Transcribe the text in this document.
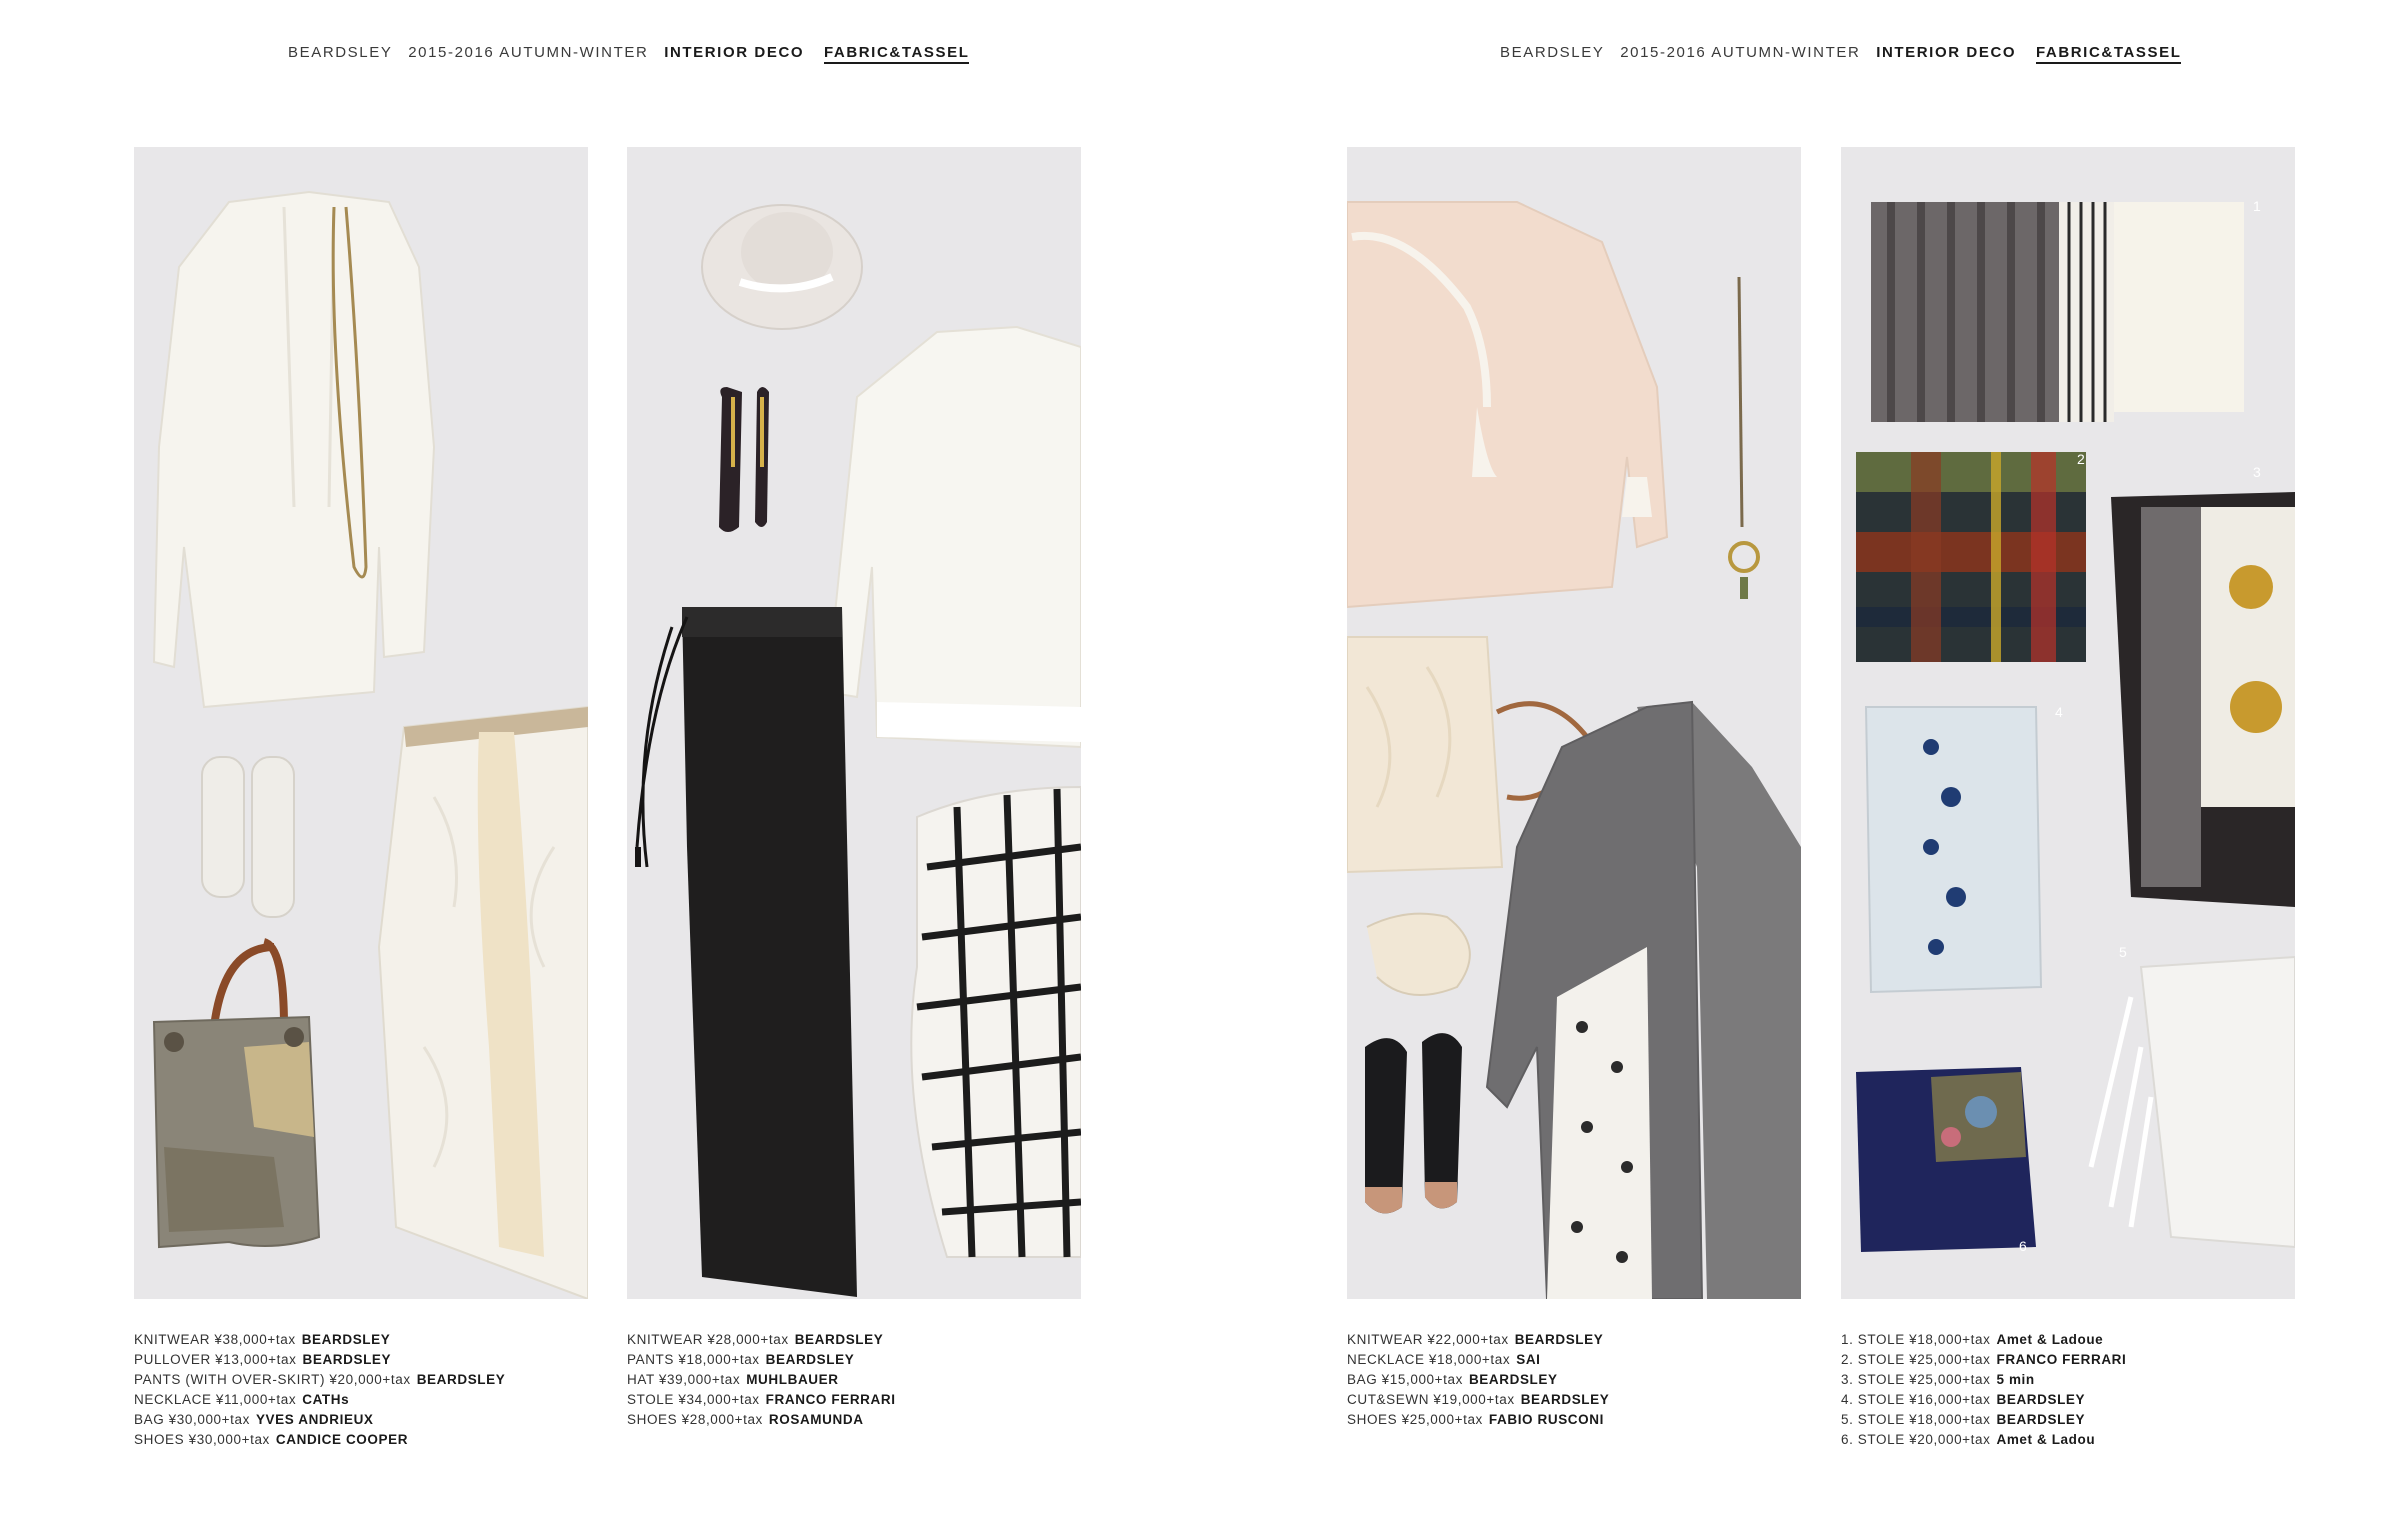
BEARDSLEY 2015-2016 AUTUMN-WINTER INTERIOR DECO FABRIC&TASSEL	BEARDSLEY 2015-2016 AUTUMN-WINTER INTERIOR DECO FABRIC&TASSEL
1
2
3
4
5
6
KNITWEAR ¥38,000+tax BEARDSLEY
PULLOVER ¥13,000+tax BEARDSLEY
PANTS (WITH OVER-SKIRT) ¥20,000+tax BEARDSLEY
NECKLACE ¥11,000+tax CATHs
BAG ¥30,000+tax YVES ANDRIEUX
SHOES ¥30,000+tax CANDICE COOPER
KNITWEAR ¥28,000+tax BEARDSLEY
PANTS ¥18,000+tax BEARDSLEY
HAT ¥39,000+tax MUHLBAUER
STOLE ¥34,000+tax FRANCO FERRARI
SHOES ¥28,000+tax ROSAMUNDA
KNITWEAR ¥22,000+tax BEARDSLEY
NECKLACE ¥18,000+tax SAI
BAG ¥15,000+tax BEARDSLEY
CUT&SEWN ¥19,000+tax BEARDSLEY
SHOES ¥25,000+tax FABIO RUSCONI
1. STOLE ¥18,000+tax Amet & Ladoue
2. STOLE ¥25,000+tax FRANCO FERRARI
3. STOLE ¥25,000+tax 5 min
4. STOLE ¥16,000+tax BEARDSLEY
5. STOLE ¥18,000+tax BEARDSLEY
6. STOLE ¥20,000+tax Amet & Ladou
